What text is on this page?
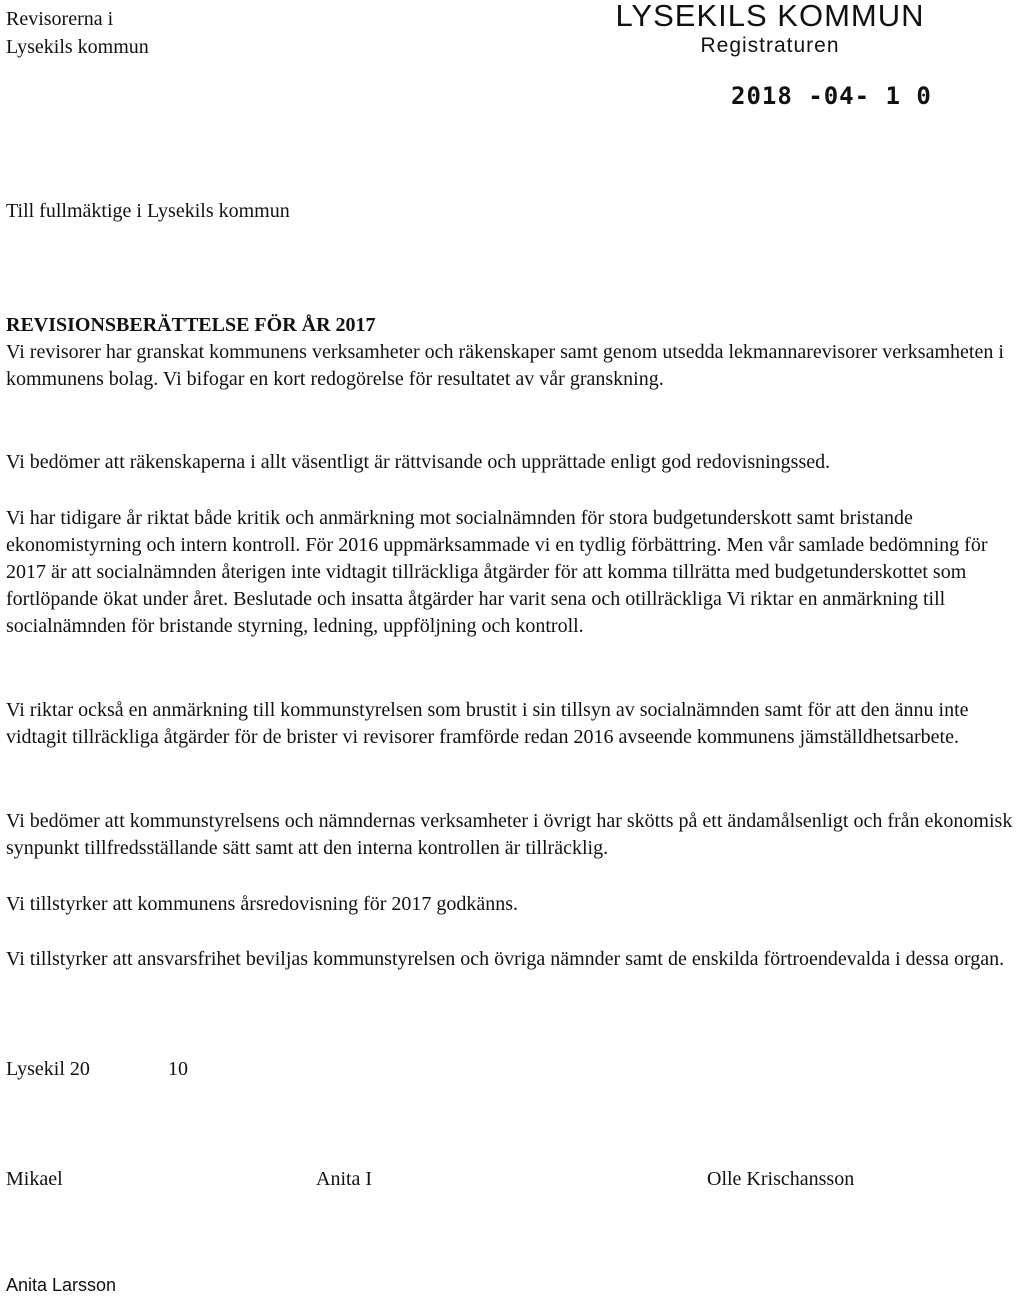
Revisorerna i
Lysekils kommun
LYSEKILS KOMMUN
Registraturen
2018 -04- 1 0
Till fullmäktige i Lysekils kommun
REVISIONSBERÄTTELSE FÖR ÅR 2017
Vi revisorer har granskat kommunens verksamheter och räkenskaper samt genom utsedda lekmannarevisorer verksamheten i kommunens bolag. Vi bifogar en kort redogörelse för resultatet av vår granskning.
Vi bedömer att räkenskaperna i allt väsentligt är rättvisande och upprättade enligt god redovisningssed.
Vi har tidigare år riktat både kritik och anmärkning mot socialnämnden för stora budgetunderskott samt bristande ekonomistyrning och intern kontroll. För 2016 uppmärksammade vi en tydlig förbättring. Men vår samlade bedömning för 2017 är att socialnämnden återigen inte vidtagit tillräckliga åtgärder för att komma tillrätta med budgetunderskottet som fortlöpande ökat under året. Beslutade och insatta åtgärder har varit sena och otillräckliga Vi riktar en anmärkning till socialnämnden för bristande styrning, ledning, uppföljning och kontroll.
Vi riktar också en anmärkning till kommunstyrelsen som brustit i sin tillsyn av socialnämnden samt för att den ännu inte vidtagit tillräckliga åtgärder för de brister vi revisorer framförde redan 2016 avseende kommunens jämställdhetsarbete.
Vi bedömer att kommunstyrelsens och nämndernas verksamheter i övrigt har skötts på ett ändamålsenligt och från ekonomisk synpunkt tillfredsställande sätt samt att den interna kontrollen är tillräcklig.
Vi tillstyrker att kommunens årsredovisning för 2017 godkänns.
Vi tillstyrker att ansvarsfrihet beviljas kommunstyrelsen och övriga nämnder samt de enskilda förtroendevalda i dessa organ.
Lysekil 20	10
Mikael	Anita I	Olle Krischansson
Anita Larsson
